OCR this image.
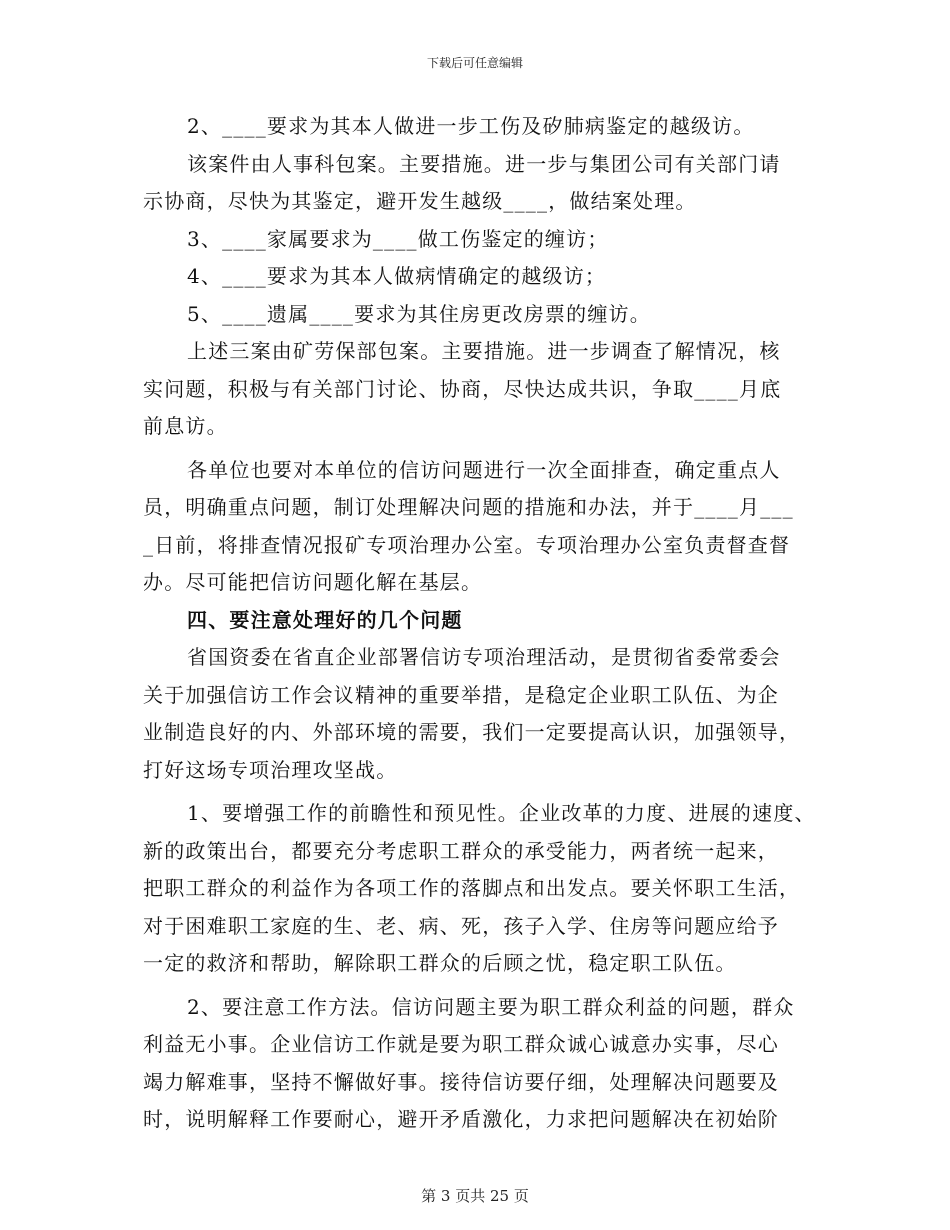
下载后可任意编辑
2、____要求为其本人做进一步工伤及矽肺病鉴定的越级访。
该案件由人事科包案。主要措施。进一步与集团公司有关部门请
示协商，尽快为其鉴定，避开发生越级____，做结案处理。
3、____家属要求为____做工伤鉴定的缠访；
4、____要求为其本人做病情确定的越级访；
5、____遗属____要求为其住房更改房票的缠访。
上述三案由矿劳保部包案。主要措施。进一步调查了解情况，核
实问题，积极与有关部门讨论、协商，尽快达成共识，争取____月底
前息访。
各单位也要对本单位的信访问题进行一次全面排查，确定重点人
员，明确重点问题，制订处理解决问题的措施和办法，并于____月___
_日前，将排查情况报矿专项治理办公室。专项治理办公室负责督查督
办。尽可能把信访问题化解在基层。
四、要注意处理好的几个问题
省国资委在省直企业部署信访专项治理活动，是贯彻省委常委会
关于加强信访工作会议精神的重要举措，是稳定企业职工队伍、为企
业制造良好的内、外部环境的需要，我们一定要提高认识，加强领导，
打好这场专项治理攻坚战。
1、要增强工作的前瞻性和预见性。企业改革的力度、进展的速度、
新的政策出台，都要充分考虑职工群众的承受能力，两者统一起来，
把职工群众的利益作为各项工作的落脚点和出发点。要关怀职工生活，
对于困难职工家庭的生、老、病、死，孩子入学、住房等问题应给予
一定的救济和帮助，解除职工群众的后顾之忧，稳定职工队伍。
2、要注意工作方法。信访问题主要为职工群众利益的问题，群众
利益无小事。企业信访工作就是要为职工群众诚心诚意办实事，尽心
竭力解难事，坚持不懈做好事。接待信访要仔细，处理解决问题要及
时，说明解释工作要耐心，避开矛盾激化，力求把问题解决在初始阶
第 3 页共 25 页
